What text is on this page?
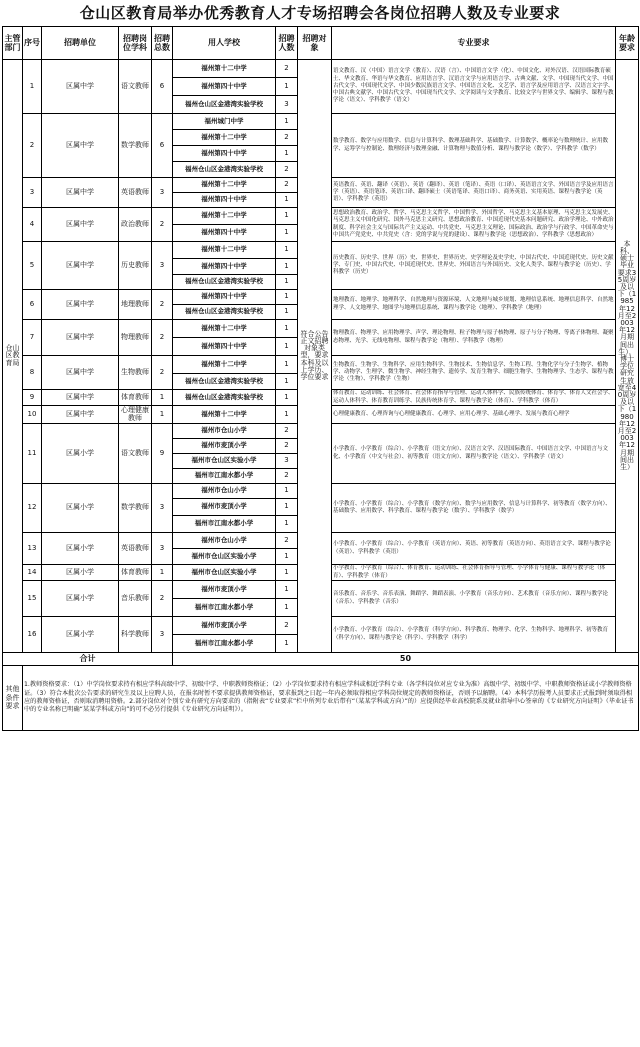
仓山区教育局举办优秀教育人才专场招聘会各岗位招聘人数及专业要求
主管部门	序号	招聘单位	招聘岗位学科	招聘总数	用人学校	招聘人数	招聘对象	专业要求	年龄要求
仓山区教育局	1	区属中学	语文教师	6	福州第十二中学	2	符合公告正文招聘对象类型，要求本科及以上学历、学位要求	语文教育、汉（中国）语言文学（教育）、汉语（言）、中国语言文学（化）、中国文化、对外汉语、汉语国际教育硕士、华文教育、华语与华文教育、应用语言学、汉语言文学与应用语言学、古典文献、文学、中国现当代文学、中国古代文学、中国现代文学、中国少数民族语言文学、中国语言文化、文艺学、语言学及应用语言学、汉语言文字学、中国古典文献学、中国古代文学、中国现当代文学、文学阅读与文学教育、比较文学与世界文学、编辑学、课程与教学论（语文）、学科教学（语文）	本科、硕士毕业要求35周岁及以下（1985年12月至2003年12月期间出生），博士学位研究生放宽至40周岁及以下（1980年12月至2003年12月期间出生）
					福州第四十中学	1			
					福州仓山区金港湾实验学校	3			
	2	区属中学	数学教师	6	福州城门中学	1		数学教育、数学与应用数学、信息与计算科学、数理基础科学、基础数学、计算数学、概率论与数理统计、应用数学、运筹学与控制论、数理经济与数理金融、计算物理与数值分析、课程与教学论（数学）、学科教学（数学）	
					福州第十二中学	2			
					福州第四十中学	1			
					福州仓山区金港湾实验学校	2			
	3	区属中学	英语教师	3	福州第十二中学	2		英语教育、英语、翻译（英语）、英语（翻译）、英语（笔译）、英语（口译）、英语语言文学、外国语言学及应用语言学（英语）、英语笔译、英语口译、翻译硕士（英语笔译、英语口译）、商务英语、实用英语、课程与教学论（英语）、学科教学（英语）	
					福州第四十中学	1			
	4	区属中学	政治教师	2	福州第十二中学	1		思想政治教育、政治学、哲学、马克思主义哲学、中国哲学、外国哲学、马克思主义基本原理、马克思主义发展史、马克思主义中国化研究、国外马克思主义研究、思想政治教育、中国近现代史基本问题研究、政治学理论、中外政治制度、科学社会主义与国际共产主义运动、中共党史、马克思主义理论、国际政治、政治学与行政学、中国革命史与中国共产党党史、中共党史（含：党的学说与党的建设）、课程与教学论（思想政治）、学科教学（思想政治）	
					福州第四十中学	1			
	5	区属中学	历史教师	3	福州第十二中学	1		历史教育、历史学、世界（历）史、世界史、世界历史、史学理论及史学史、中国古代史、中国近现代史、历史文献学、专门史、中国古代史、中国近现代史、世界史、外国语言与外国历史、文化人类学、课程与教学论（历史）、学科教学（历史）	
					福州第四十中学	1			
					福州仓山区金港湾实验学校	1			
	6	区属中学	地理教师	2	福州第四十中学	1		地理教育、地理学、地理科学、自然地理与资源环境、人文地理与城乡规划、地理信息系统、地理信息科学、自然地理学、人文地理学、地图学与地理信息系统、课程与教学论（地理）、学科教学（地理）	
					福州仓山区金港湾实验学校	1			
	7	区属中学	物理教师	2	福州第十二中学	1		物理教育、物理学、应用物理学、声学、理论物理、粒子物理与原子核物理、原子与分子物理、等离子体物理、凝聚态物理、光学、无线电物理、课程与教学论（物理）、学科教学（物理）	
					福州第四十中学	1			
	8	区属中学	生物教师	2	福州第十二中学	1		生物教育、生物学、生物科学、应用生物科学、生物技术、生物信息学、生物工程、生物化学与分子生物学、植物学、动物学、生理学、微生物学、神经生物学、遗传学、发育生物学、细胞生物学、生物物理学、生态学、课程与教学论（生物）、学科教学（生物）	
					福州仓山区金港湾实验学校	1			
	9	区属中学	体育教师	1	福州仓山区金港湾实验学校	1		体育教育、运动训练、社会体育、社会体育指导与管理、运动人体科学、民族传统体育、体育学、体育人文社会学、运动人体科学、体育教育训练学、民族传统体育学、课程与教学论（体育）、学科教学（体育）	
	10	区属中学	心理健康教师	1	福州第十二中学	1		心理健康教育、心理咨询与心理健康教育、心理学、应用心理学、基础心理学、发展与教育心理学	
	11	区属小学	语文教师	9	福州市仓山小学	2		小学教育、小学教育（综合）、小学教育（语文方向）、汉语言文学、汉语国际教育、中国语言文学、中国语言与文化、小学教育（中文与社会）、初等教育（语文方向）、课程与教学论（语文）、学科教学（语文）	
					福州市麦顶小学	2			
					福州市仓山区实验小学	3			
					福州市江南水都小学	2			
	12	区属小学	数学教师	3	福州市仓山小学	1		小学教育、小学教育（综合）、小学教育（数学方向）、数学与应用数学、信息与计算科学、初等教育（数学方向）、基础数学、应用数学、科学教育、课程与教学论（数学）、学科教学（数学）	
					福州市麦顶小学	1			
					福州市江南水都小学	1			
	13	区属小学	英语教师	3	福州市仓山小学	2		小学教育、小学教育（综合）、小学教育（英语方向）、英语、初等教育（英语方向）、英语语言文学、课程与教学论（英语）、学科教学（英语）	
					福州市仓山区实验小学	1			
	14	区属小学	体育教师	1	福州市仓山区实验小学	1		小学教育、小学教育（综合）、体育教育、运动训练、社会体育指导与管理、小学体育与健康、课程与教学论（体育）、学科教学（体育）	
	15	区属小学	音乐教师	2	福州市麦顶小学	1		音乐教育、音乐学、音乐表演、舞蹈学、舞蹈表演、小学教育（音乐方向）、艺术教育（音乐方向）、课程与教学论（音乐）、学科教学（音乐）	
					福州市江南水都小学	1			
	16	区属小学	科学教师	3	福州市麦顶小学	2		小学教育、小学教育（综合）、小学教育（科学方向）、科学教育、物理学、化学、生物科学、地理科学、初等教育（科学方向）、课程与教学论（科学）、学科教学（科学）	
					福州市江南水都小学	1			
合计					50				
其他条件要求	1.教师资格要求：（1）中学岗位要求持有相应学科高级中学、初级中学、中职教师资格证；（2）小学岗位要求持有相应学科或相近学科专业（各学科岗位对应专业为准）高级中学、初级中学、中职教师资格证或小学教师资格证。（3）符合本批次公告要求的研究生及以上应聘人员，在报名时暂不要求提供教师资格证，要求报到之日起一年内必须取得相应学科岗位规定的教师资格证，否则予以解聘。（4）本科学历报考人员要求正式报到时须取得相应的教师资格证，否则取消聘用资格。2.部分岗位对个别专业有研究方向要求的（指附表“专业要求”栏中所列专业后带有“（某某学科或方向）”的）应提供经毕业高校院系及就业指导中心签章的《专业研究方向证明》（毕业证书中的专业名称已明确“某某学科或方向”的可不必另行提供《专业研究方向证明》）。								
